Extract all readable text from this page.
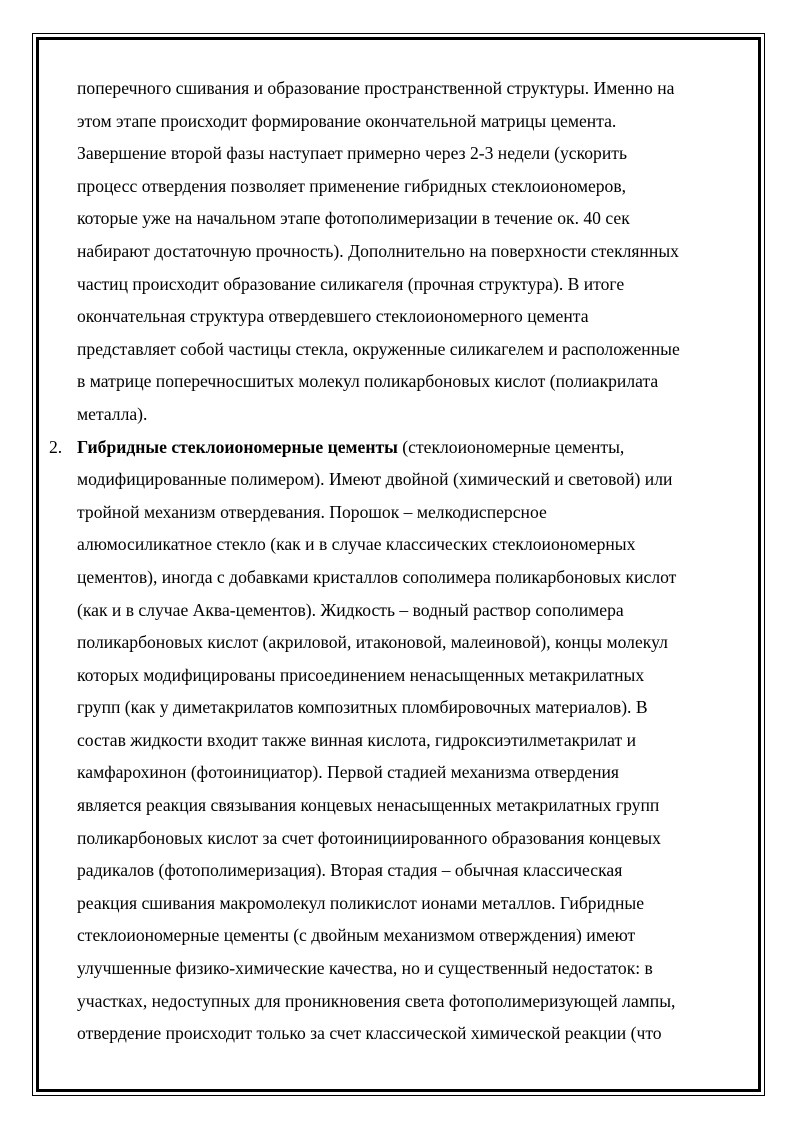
поперечного сшивания и образование пространственной структуры. Именно на
этом этапе происходит формирование окончательной матрицы цемента.
Завершение второй фазы наступает примерно через 2-3 недели (ускорить
процесс отвердения позволяет применение гибридных стеклоиономеров,
которые уже на начальном этапе фотополимеризации в течение ок. 40 сек
набирают достаточную прочность). Дополнительно на поверхности стеклянных
частиц происходит образование силикагеля (прочная структура). В итоге
окончательная структура отвердевшего стеклоиономерного цемента
представляет собой частицы стекла, окруженные силикагелем и расположенные
в матрице поперечносшитых молекул поликарбоновых кислот (полиакрилата
металла).
2. Гибридные стеклоиономерные цементы (стеклоиономерные цементы,
модифицированные полимером). Имеют двойной (химический и световой) или
тройной механизм отвердевания. Порошок – мелкодисперсное
алюмосиликатное стекло (как и в случае классических стеклоиономерных
цементов), иногда с добавками кристаллов сополимера поликарбоновых кислот
(как и в случае Аква-цементов). Жидкость – водный раствор сополимера
поликарбоновых кислот (акриловой, итаконовой, малеиновой), концы молекул
которых модифицированы присоединением ненасыщенных метакрилатных
групп (как у диметакрилатов композитных пломбировочных материалов). В
состав жидкости входит также винная кислота, гидроксиэтилметакрилат и
камфарохинон (фотоинициатор). Первой стадией механизма отвердения
является реакция связывания концевых ненасыщенных метакрилатных групп
поликарбоновых кислот за счет фотоинициированного образования концевых
радикалов (фотополимеризация). Вторая стадия – обычная классическая
реакция сшивания макромолекул поликислот ионами металлов. Гибридные
стеклоиономерные цементы (с двойным механизмом отверждения) имеют
улучшенные физико-химические качества, но и существенный недостаток: в
участках, недоступных для проникновения света фотополимеризующей лампы,
отвердение происходит только за счет классической химической реакции (что
